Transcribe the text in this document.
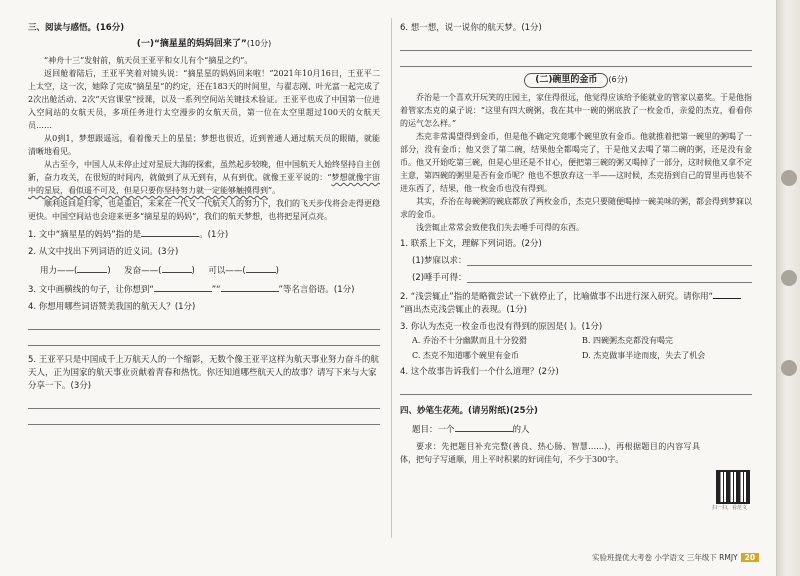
三、阅读与感悟。(16分)
(一)“摘星星的妈妈回来了”(10分)

“神舟十三”发射前，航天员王亚平和女儿有个“摘星之约”。

返回舱着陆后，王亚平笑着对镜头说：“摘星星的妈妈回来啦！”2021年10月16日，王亚平二上太空，这一次，她除了完成“摘星星”的约定，还在183天的时间里，与翟志刚、叶光富一起完成了2次出舱活动、2次“天宫课堂”授课，以及一系列空间站关键技术验证。王亚平也成了中国第一位进入空间站的女航天员，多项任务进行太空漫步的女航天员，第一位在太空里超过100天的女航天员……

从0到1，梦想跟遥远，看着像天上的星星；梦想也很近，近到普通人通过航天员的眼睛，就能清晰地看见。

从古至今，中国人从未停止过对星辰大海的探索，虽然起步较晚，但中国航天人始终坚持自主创新，奋力攻关，在很短的时间内，就做到了从无到有，从有到优。就像王亚平说的：“梦想就像宇宙中的星辰，看似遥不可及，但是只要你坚持努力就一定能够触摸得到”。

顺利返回是归零，也是重启，未来在一代又一代航天人的努力下，我们的飞天步伐将会走得更稳更快。中国空间站也会迎来更多“摘星星的妈妈”，我们的航天梦想，也将把星河点亮。

1. 文中“摘星星的妈妈”指的是	。(1分)
2. 从文中找出下列词语的近义词。(3分)
用力——(	) 发奋——(	) 可以——(	)
3. 文中画横线的句子，让你想到“	”“	”等名言俗语。(1分)
4. 你想用哪些词语赞美我国的航天人？(1分)
5. 王亚平只是中国成千上万航天人的一个缩影，无数个像王亚平这样为航天事业努力奋斗的航天人，正为国家的航天事业贡献着青春和热忱。你还知道哪些航天人的故事？请写下来与大家分享一下。(3分)
6. 想一想，说一说你的航天梦。(1分)
(二)碗里的金币 (6分)

乔治是一个喜欢开玩笑的庄园主，家住得很远，他觉得应该给予能就业的管家以嘉奖。于是他指着管家杰克的桌子说：“这里有四大碗粥，我在其中一碗的粥底放了一枚金币，亲爱的杰克，看看你的运气怎么样。”

杰克非常渴望得到金币，但是他不确定究竟哪个碗里放有金币。他就推着把第一碗里的粥喝了一部分，没有金币；他又尝了第二碗，结果他全都喝完了，于是他又去喝了第二碗的粥，还是没有金币。他又开始吃第三碗，但是心里还是不甘心，便把第三碗的粥又喝掉了一部分，这时候他又拿不定主意，第四碗的粥里是否有金币呢？他也不想放弃这一半——这时候，杰克捂到自己的胃里再也装不进东西了，结果，他一枚金币也没有得到。

其实，乔治在每碗粥的碗底都放了两枚金币，杰克只要随便喝掉一碗美味的粥，都会得到梦寐以求的金币。

浅尝辄止常常会致使我们失去唾手可得的东西。

1. 联系上下文，理解下列词语。(2分)
(1)梦寐以求：
(2)唾手可得：
2. “浅尝辄止”指的是略微尝试一下就停止了，比喻做事不出进行深入研究。请你用“”画出杰克浅尝辄止的表现。(1分)
3. 你认为杰克一枚金币也没有得到的原因是( )。(1分)
A. 乔治不十分幽默而且十分狡猾	B. 四碗粥杰克都没有喝完
C. 杰克不知道哪个碗里有金币	D. 杰克做事半途而废，失去了机会
4. 这个故事告诉我们一个什么道理？(2分)
四、妙笔生花苑。(请另附纸)(25分)
题目：一个	的人

要求：先把题目补充完整(善良、热心肠、智慧……)，再根据题目的内容写具体，把句子写通顺，用上平时积累的好词佳句，不少于300字。

扫一扫，看范文
实验班提优大考卷 小学语文 三年级下 RMJY 20
